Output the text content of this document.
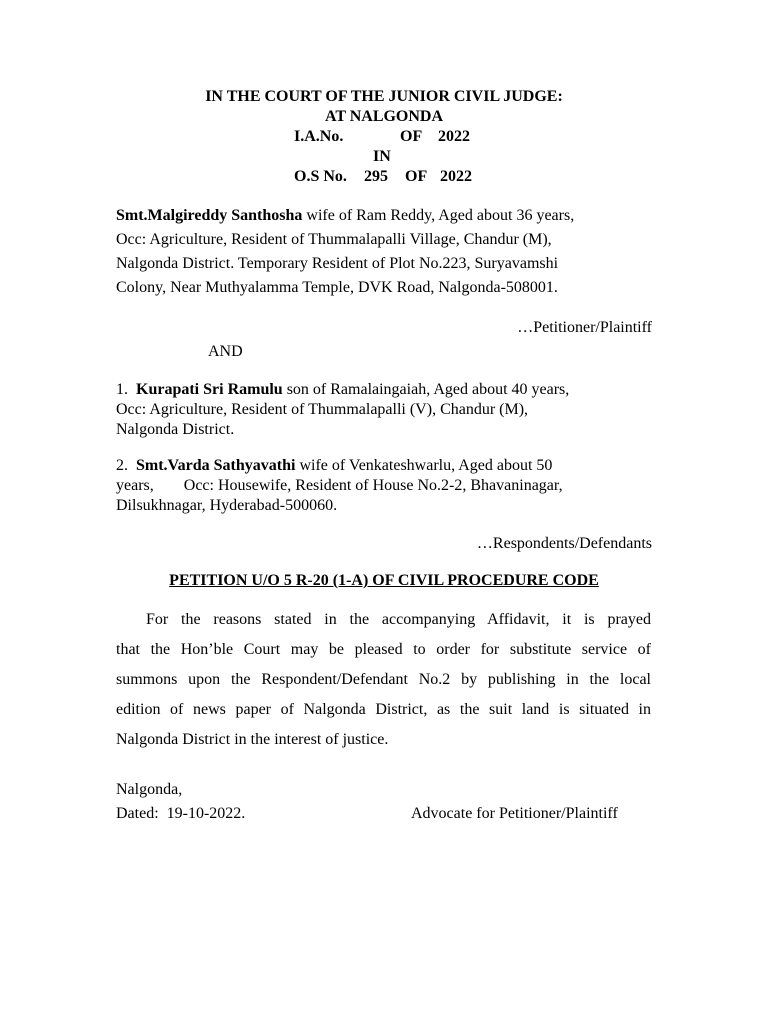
IN THE COURT OF THE JUNIOR CIVIL JUDGE:
AT NALGONDA
I.A.No.	OF 2022
IN
O.S No. 295 OF 2022
Smt.Malgireddy Santhosha wife of Ram Reddy, Aged about 36 years,
Occ: Agriculture, Resident of Thummalapalli Village, Chandur (M),
Nalgonda District. Temporary Resident of Plot No.223, Suryavamshi
Colony, Near Muthyalamma Temple, DVK Road, Nalgonda-508001.
…Petitioner/Plaintiff
AND
1. Kurapati Sri Ramulu son of Ramalaingaiah, Aged about 40 years,
Occ: Agriculture, Resident of Thummalapalli (V), Chandur (M),
Nalgonda District.
2. Smt.Varda Sathyavathi wife of Venkateshwarlu, Aged about 50
years, Occ: Housewife, Resident of House No.2-2, Bhavaninagar,
Dilsukhnagar, Hyderabad-500060.
…Respondents/Defendants
PETITION U/O 5 R-20 (1-A) OF CIVIL PROCEDURE CODE
For the reasons stated in the accompanying Affidavit, it is prayed
that the Hon’ble Court may be pleased to order for substitute service of
summons upon the Respondent/Defendant No.2 by publishing in the local
edition of news paper of Nalgonda District, as the suit land is situated in
Nalgonda District in the interest of justice.
Nalgonda,
Dated:  19-10-2022.	Advocate for Petitioner/Plaintiff
